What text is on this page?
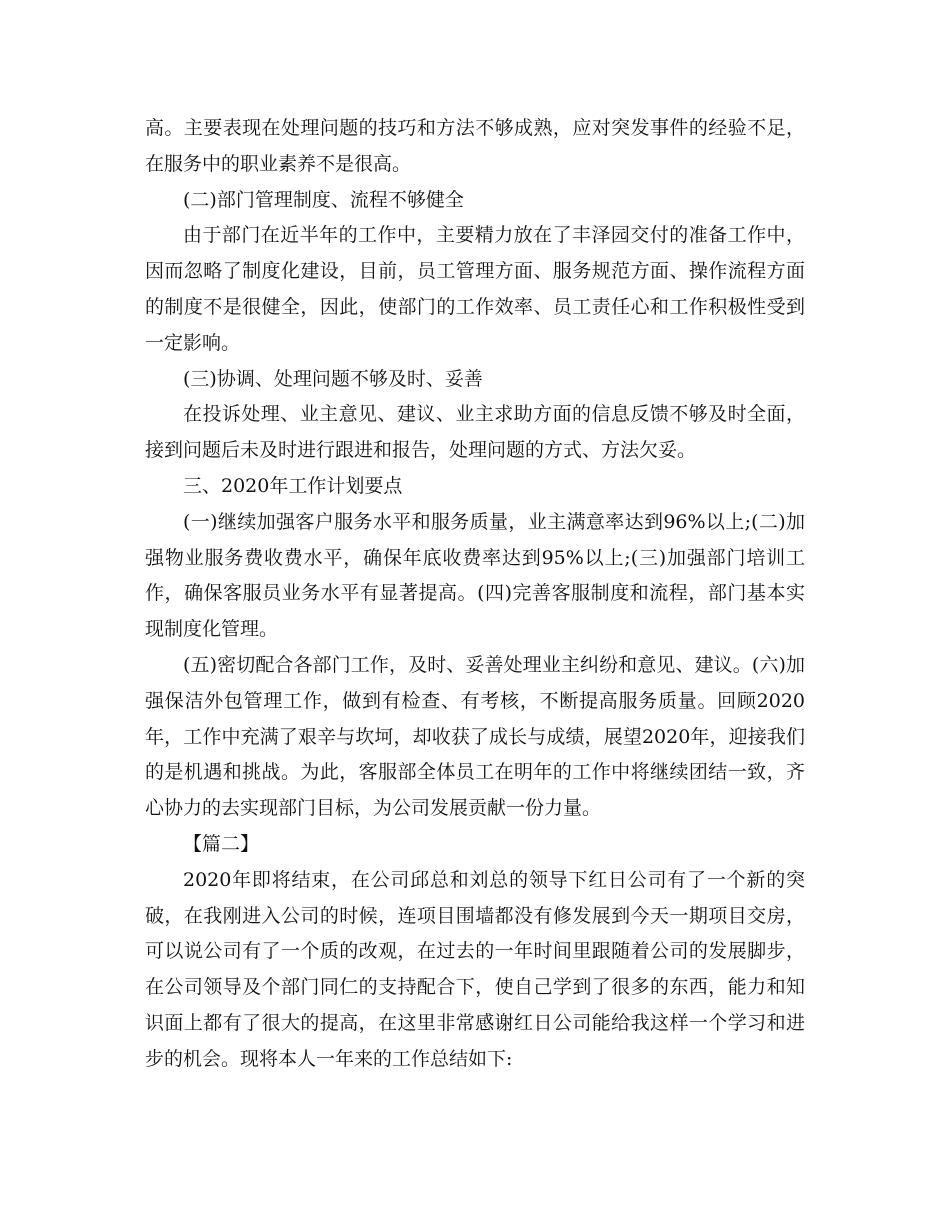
高。主要表现在处理问题的技巧和方法不够成熟，应对突发事件的经验不足，在服务中的职业素养不是很高。

(二)部门管理制度、流程不够健全

由于部门在近半年的工作中，主要精力放在了丰泽园交付的准备工作中，因而忽略了制度化建设，目前，员工管理方面、服务规范方面、操作流程方面的制度不是很健全，因此，使部门的工作效率、员工责任心和工作积极性受到一定影响。

(三)协调、处理问题不够及时、妥善

在投诉处理、业主意见、建议、业主求助方面的信息反馈不够及时全面，接到问题后未及时进行跟进和报告，处理问题的方式、方法欠妥。

三、2020年工作计划要点

(一)继续加强客户服务水平和服务质量，业主满意率达到96%以上;(二)加强物业服务费收费水平，确保年底收费率达到95%以上;(三)加强部门培训工作，确保客服员业务水平有显著提高。(四)完善客服制度和流程，部门基本实现制度化管理。

(五)密切配合各部门工作，及时、妥善处理业主纠纷和意见、建议。(六)加强保洁外包管理工作，做到有检查、有考核，不断提高服务质量。回顾2020年，工作中充满了艰辛与坎坷，却收获了成长与成绩，展望2020年，迎接我们的是机遇和挑战。为此，客服部全体员工在明年的工作中将继续团结一致，齐心协力的去实现部门目标，为公司发展贡献一份力量。

【篇二】

2020年即将结束，在公司邱总和刘总的领导下红日公司有了一个新的突破，在我刚进入公司的时候，连项目围墙都没有修发展到今天一期项目交房，可以说公司有了一个质的改观，在过去的一年时间里跟随着公司的发展脚步，在公司领导及个部门同仁的支持配合下，使自己学到了很多的东西，能力和知识面上都有了很大的提高，在这里非常感谢红日公司能给我这样一个学习和进步的机会。现将本人一年来的工作总结如下:
